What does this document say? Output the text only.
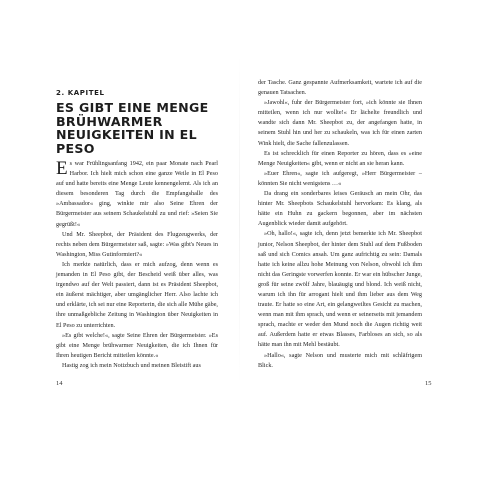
2. KAPITEL
ES GIBT EINE MENGE BRÜHWARMER NEUIGKEITEN IN EL PESO

Es war Frühlingsanfang 1942, ein paar Monate nach Pearl Harbor. Ich hielt mich schon eine ganze Weile in El Peso auf und hatte bereits eine Menge Leute kennengelernt. Als ich an diesem besonderen Tag durch die Empfangshalle des »Ambassador« ging, winkte mir also Seine Ehren der Bürgermeister aus seinem Schaukelstuhl zu und rief: »Seien Sie gegrüßt!«

Und Mr. Sheepbot, der Präsident des Flugzeugwerks, der rechts neben dem Bürgermeister saß, sagte: »Was gibt's Neues in Washington, Miss Gutinformiert?«

Ich merkte natürlich, dass er mich aufzog, denn wenn es jemanden in El Peso gibt, der Bescheid weiß über alles, was irgendwo auf der Welt passiert, dann ist es Präsident Sheepbot, ein äußerst mächtiger, aber umgänglicher Herr. Also lachte ich und erklärte, ich sei nur eine Reporterin, die sich alle Mühe gäbe, ihre unmaßgebliche Zeitung in Washington über Neuigkeiten in El Peso zu unterrichten.

»Es gibt welche!«, sagte Seine Ehren der Bürgermeister. »Es gibt eine Menge brühwarmer Neuigkeiten, die ich Ihnen für Ihren heutigen Bericht mitteilen könnte.«

Hastig zog ich mein Notizbuch und meinen Bleistift aus

14

der Tasche. Ganz gespannte Aufmerksamkeit, wartete ich auf die genauen Tatsachen.

»Jawohl«, fuhr der Bürgermeister fort, »ich könnte sie Ihnen mitteilen, wenn ich nur wollte!« Er lächelte freundlich und wandte sich dann Mr. Sheepbot zu, der angefangen hatte, in seinem Stuhl hin und her zu schaukeln, was ich für einen zarten Wink hielt, die Sache fallenzulassen.

Es ist schrecklich für einen Reporter zu hören, dass es »eine Menge Neuigkeiten« gibt, wenn er nicht an sie heran kann.

»Euer Ehren«, sagte ich aufgeregt, »Herr Bürgermeister – könnten Sie nicht wenigstens …«

Da drang ein sonderbares leises Geräusch an mein Ohr, das hinter Mr. Sheepbots Schaukelstuhl hervorkam: Es klang, als hätte ein Huhn zu gackern begonnen, aber im nächsten Augenblick wieder damit aufgehört.

»Oh, hallo!«, sagte ich, denn jetzt bemerkte ich Mr. Sheepbot junior, Nelson Sheepbot, der hinter dem Stuhl auf dem Fußboden saß und sich Comics ansah. Um ganz aufrichtig zu sein: Damals hatte ich keine allzu hohe Meinung von Nelson, obwohl ich ihm nicht das Geringste vorwerfen konnte. Er war ein hübscher Junge, groß für seine zwölf Jahre, blauäugig und blond. Ich weiß nicht, warum ich ihn für arrogant hielt und ihm lieber aus dem Weg traute. Er hatte so eine Art, ein gelangweiltes Gesicht zu machen, wenn man mit ihm sprach, und wenn er seinerseits mit jemandem sprach, machte er weder den Mund noch die Augen richtig weit auf. Außerdem hatte er etwas Blasses, Farbloses an sich, so als hätte man ihn mit Mehl bestäubt.

»Hallo«, sagte Nelson und musterte mich mit schläfrigem Blick.

15
